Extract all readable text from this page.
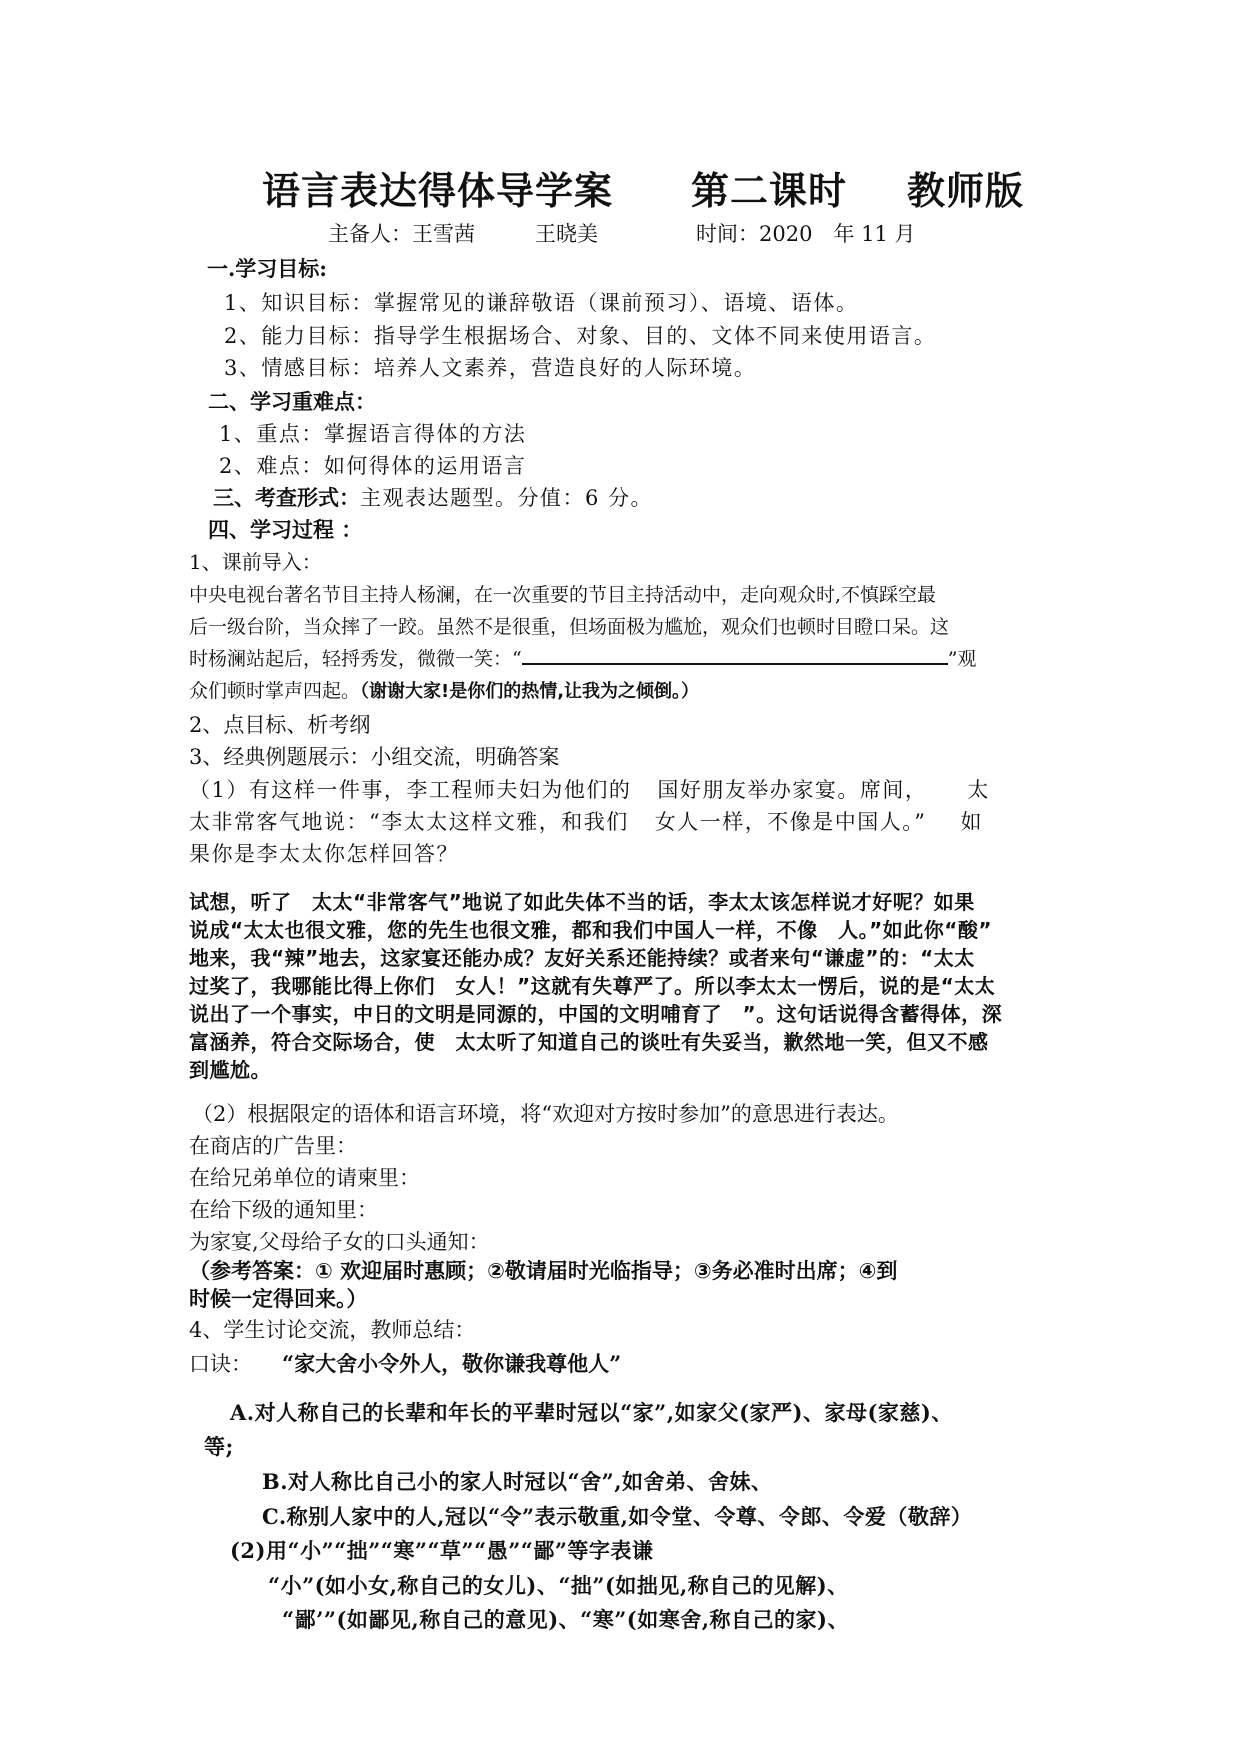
语言表达得体导学案 第二课时 教师版
主备人：王雪茜	王晓美	时间：2020　年 11 月
一.学习目标:
1、知识目标：掌握常见的谦辞敬语（课前预习）、语境、语体。
2、能力目标：指导学生根据场合、对象、目的、文体不同来使用语言。
3、情感目标：培养人文素养，营造良好的人际环境。
二、学习重难点：
1、重点：掌握语言得体的方法
2、难点：如何得体的运用语言
三、考查形式：主观表达题型。分值：6 分。
四、学习过程 ：
1、课前导入：
中央电视台著名节目主持人杨澜，在一次重要的节目主持活动中，走向观众时,不慎踩空最
后一级台阶，当众摔了一跤。虽然不是很重，但场面极为尴尬，观众们也顿时目瞪口呆。这
时杨澜站起后，轻捋秀发，微微一笑：“	”观
众们顿时掌声四起。（谢谢大家!是你们的热情,让我为之倾倒。）
2、点目标、析考纲
3、经典例题展示：小组交流，明确答案
（1）有这样一件事，李工程师夫妇为他们的 国好朋友举办家宴。席间， 太
太非常客气地说：“李太太这样文雅，和我们 女人一样，不像是中国人。” 如
果你是李太太你怎样回答？
试想，听了　太太“非常客气”地说了如此失体不当的话，李太太该怎样说才好呢？如果
说成“太太也很文雅，您的先生也很文雅，都和我们中国人一样，不像　人。”如此你“酸”
地来，我“辣”地去，这家宴还能办成？友好关系还能持续？或者来句“谦虚”的：“太太
过奖了，我哪能比得上你们　女人！”这就有失尊严了。所以李太太一愣后，说的是“太太
说出了一个事实，中日的文明是同源的，中国的文明哺育了　”。这句话说得含蓄得体，深
富涵养，符合交际场合，使　太太听了知道自己的谈吐有失妥当，歉然地一笑，但又不感
到尴尬。
（2）根据限定的语体和语言环境，将“欢迎对方按时参加”的意思进行表达。
在商店的广告里：
在给兄弟单位的请柬里：
在给下级的通知里：
为家宴,父母给子女的口头通知：
（参考答案：① 欢迎届时惠顾；②敬请届时光临指导；③务必准时出席；④到
时候一定得回来。）
4、学生讨论交流，教师总结：
口诀： “家大舍小令外人，敬你谦我尊他人”
A.对人称自己的长辈和年长的平辈时冠以“家”,如家父(家严)、家母(家慈)、
等;
B.对人称比自己小的家人时冠以“舍”,如舍弟、舍妹、
C.称别人家中的人,冠以“令”表示敬重,如令堂、令尊、令郎、令爱（敬辞）
(2)用“小”“拙”“寒”“草”“愚”“鄙”等字表谦
“小”(如小女,称自己的女儿)、“拙”(如拙见,称自己的见解)、
“鄙’”(如鄙见,称自己的意见)、“寒”(如寒舍,称自己的家)、
